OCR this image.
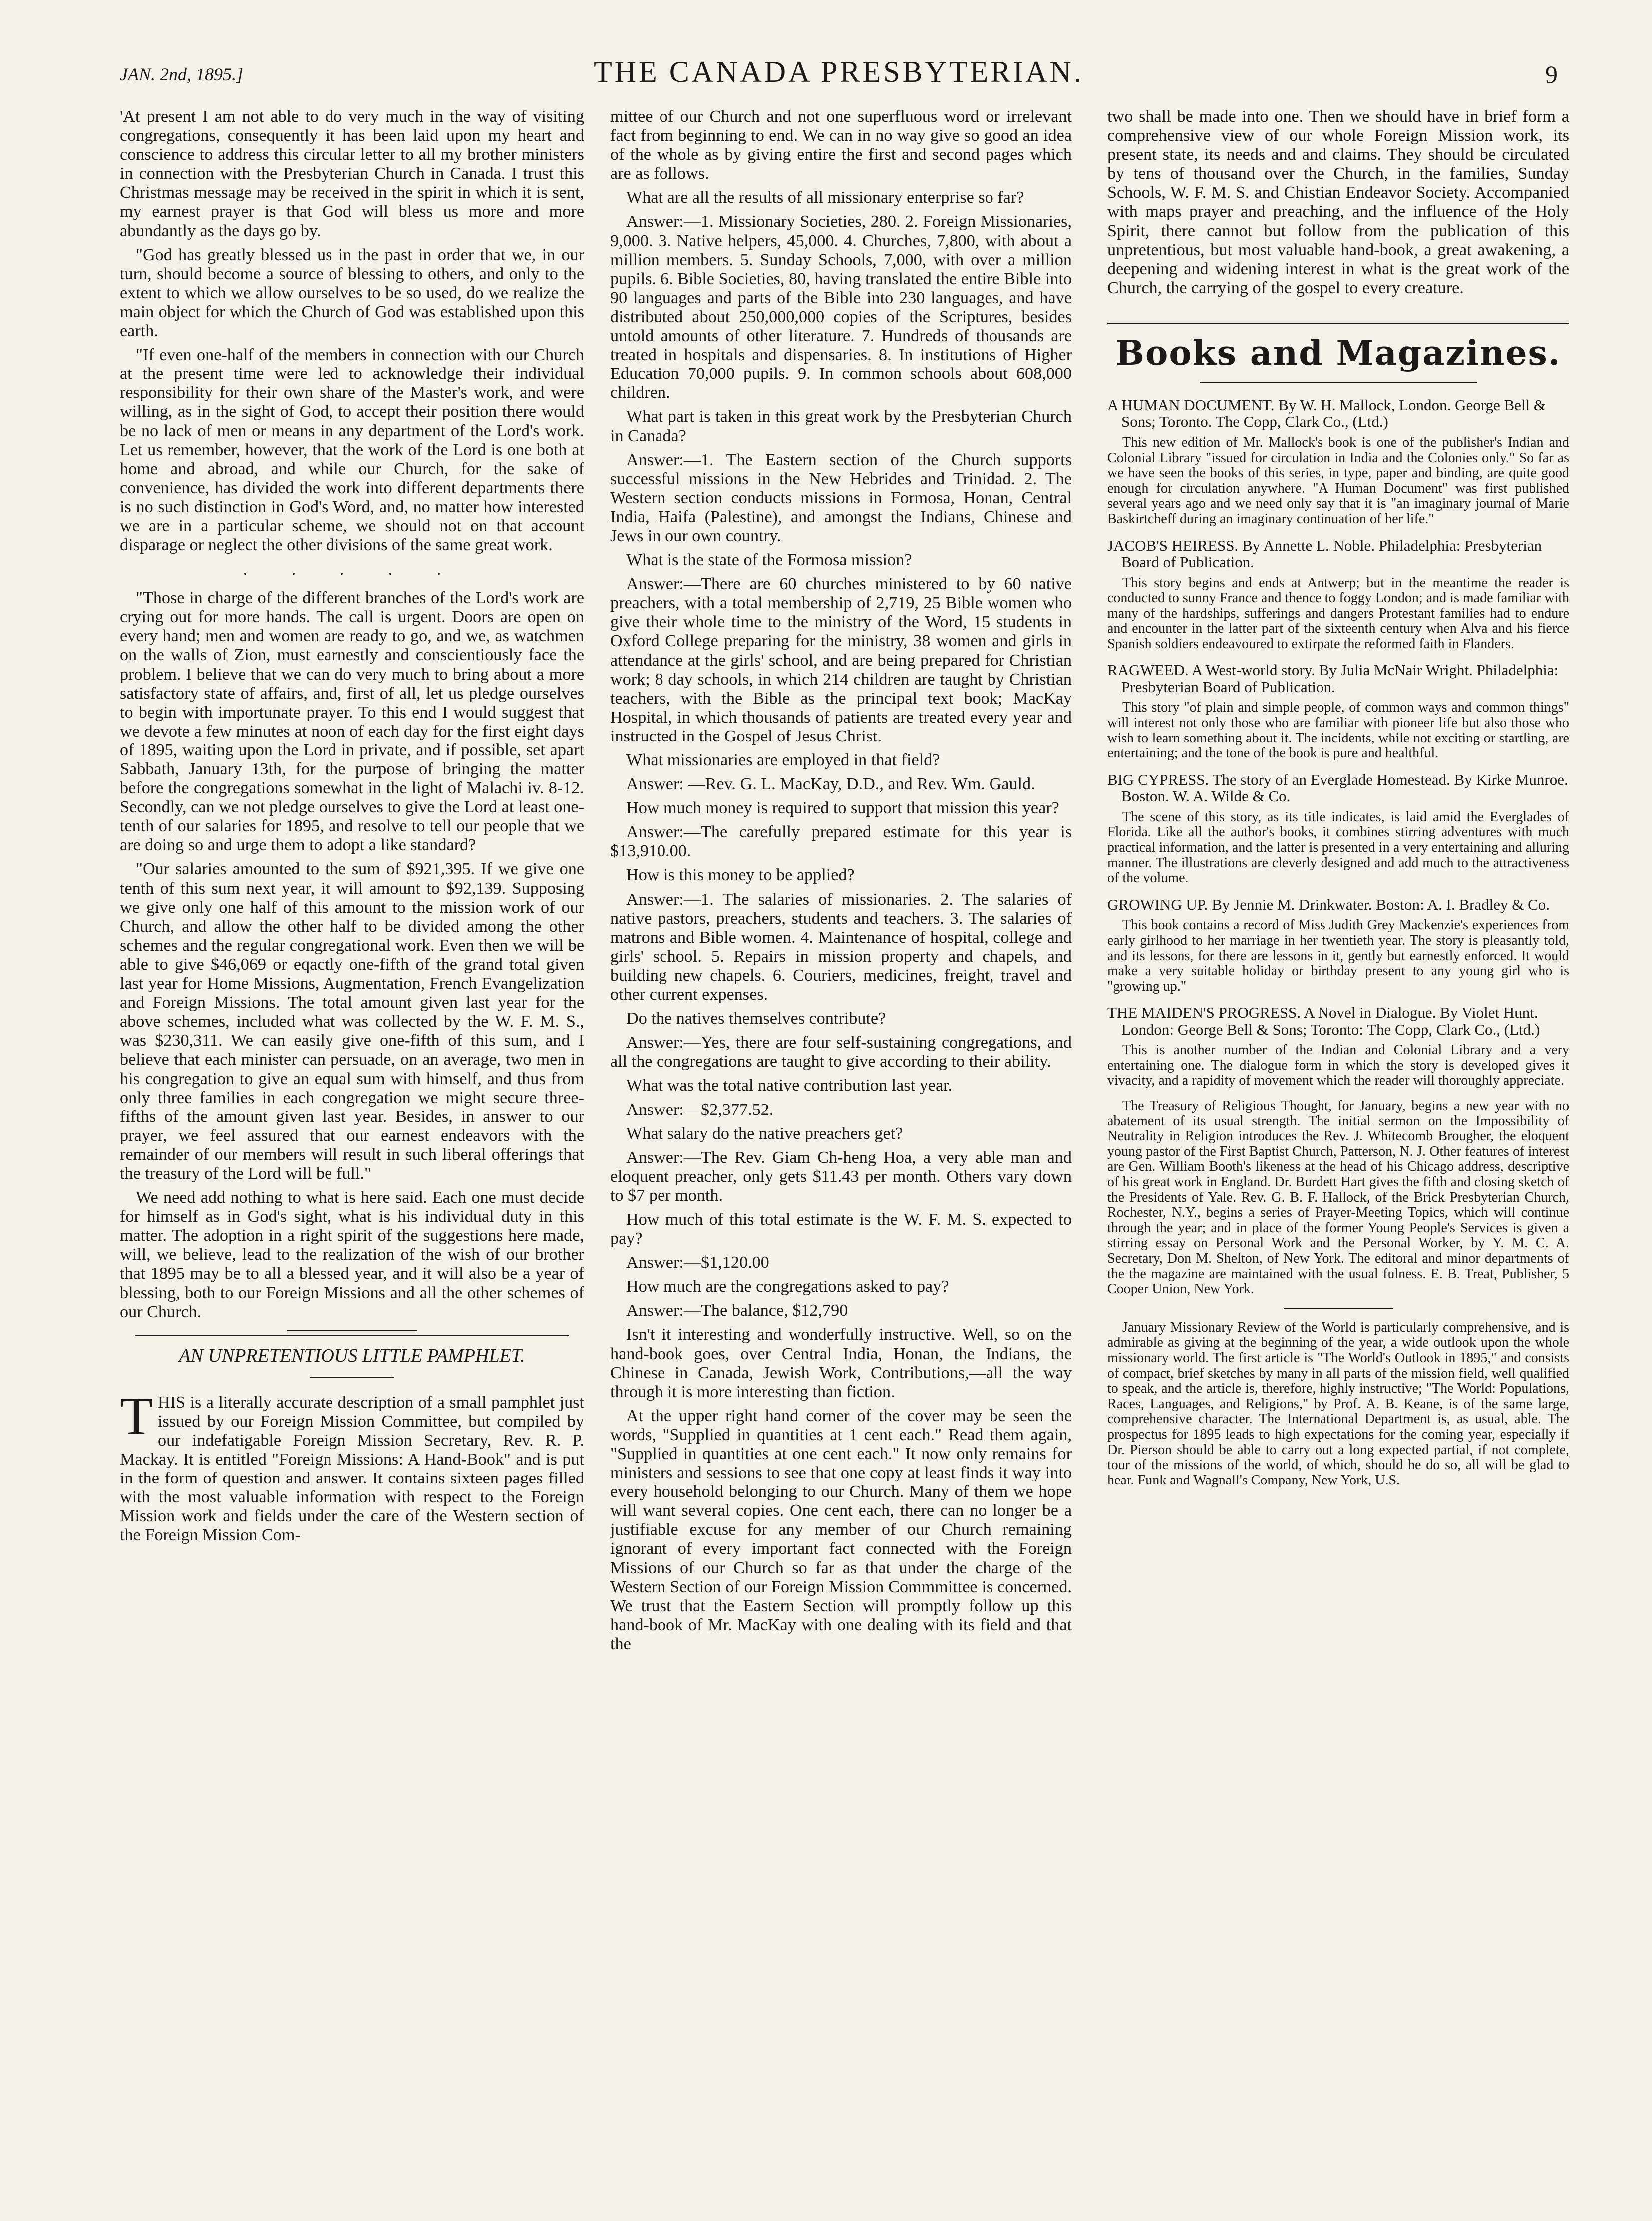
JAN. 2nd, 1895.]	THE CANADA PRESBYTERIAN.	9

'At present I am not able to do very much in the way of visiting congregations, consequently it has been laid upon my heart and conscience to address this circular letter to all my brother ministers in connection with the Presbyterian Church in Canada. I trust this Christmas message may be received in the spirit in which it is sent, my earnest prayer is that God will bless us more and more abundantly as the days go by.

"God has greatly blessed us in the past in order that we, in our turn, should become a source of blessing to others, and only to the extent to which we allow ourselves to be so used, do we realize the main object for which the Church of God was established upon this earth.

"If even one-half of the members in connection with our Church at the present time were led to acknowledge their individual responsibility for their own share of the Master's work, and were willing, as in the sight of God, to accept their position there would be no lack of men or means in any department of the Lord's work. Let us remember, however, that the work of the Lord is one both at home and abroad, and while our Church, for the sake of convenience, has divided the work into different departments there is no such distinction in God's Word, and, no matter how interested we are in a particular scheme, we should not on that account disparage or neglect the other divisions of the same great work.

. . . . .

"Those in charge of the different branches of the Lord's work are crying out for more hands. The call is urgent. Doors are open on every hand; men and women are ready to go, and we, as watchmen on the walls of Zion, must earnestly and conscientiously face the problem. I believe that we can do very much to bring about a more satisfactory state of affairs, and, first of all, let us pledge ourselves to begin with importunate prayer. To this end I would suggest that we devote a few minutes at noon of each day for the first eight days of 1895, waiting upon the Lord in private, and if possible, set apart Sabbath, January 13th, for the purpose of bringing the matter before the congregations somewhat in the light of Malachi iv. 8-12. Secondly, can we not pledge ourselves to give the Lord at least one-tenth of our salaries for 1895, and resolve to tell our people that we are doing so and urge them to adopt a like standard?

"Our salaries amounted to the sum of $921,395. If we give one tenth of this sum next year, it will amount to $92,139. Supposing we give only one half of this amount to the mission work of our Church, and allow the other half to be divided among the other schemes and the regular congregational work. Even then we will be able to give $46,069 or eqactly one-fifth of the grand total given last year for Home Missions, Augmentation, French Evangelization and Foreign Missions. The total amount given last year for the above schemes, included what was collected by the W. F. M. S., was $230,311. We can easily give one-fifth of this sum, and I believe that each minister can persuade, on an average, two men in his congregation to give an equal sum with himself, and thus from only three families in each congregation we might secure three-fifths of the amount given last year. Besides, in answer to our prayer, we feel assured that our earnest endeavors with the remainder of our members will result in such liberal offerings that the treasury of the Lord will be full."

We need add nothing to what is here said. Each one must decide for himself as in God's sight, what is his individual duty in this matter. The adoption in a right spirit of the suggestions here made, will, we believe, lead to the realization of the wish of our brother that 1895 may be to all a blessed year, and it will also be a year of blessing, both to our Foreign Missions and all the other schemes of our Church.

AN UNPRETENTIOUS LITTLE PAMPHLET.

THIS is a literally accurate description of a small pamphlet just issued by our Foreign Mission Committee, but compiled by our indefatigable Foreign Mission Secretary, Rev. R. P. Mackay. It is entitled "Foreign Missions: A Hand-Book" and is put in the form of question and answer. It contains sixteen pages filled with the most valuable information with respect to the Foreign Mission work and fields under the care of the Western section of the Foreign Mission Com-

mittee of our Church and not one superfluous word or irrelevant fact from beginning to end. We can in no way give so good an idea of the whole as by giving entire the first and second pages which are as follows.

What are all the results of all missionary enterprise so far?

Answer:—1. Missionary Societies, 280. 2. Foreign Missionaries, 9,000. 3. Native helpers, 45,000. 4. Churches, 7,800, with about a million members. 5. Sunday Schools, 7,000, with over a million pupils. 6. Bible Societies, 80, having translated the entire Bible into 90 languages and parts of the Bible into 230 languages, and have distributed about 250,000,000 copies of the Scriptures, besides untold amounts of other literature. 7. Hundreds of thousands are treated in hospitals and dispensaries. 8. In institutions of Higher Education 70,000 pupils. 9. In common schools about 608,000 children.

What part is taken in this great work by the Presbyterian Church in Canada?

Answer:—1. The Eastern section of the Church supports successful missions in the New Hebrides and Trinidad. 2. The Western section conducts missions in Formosa, Honan, Central India, Haifa (Palestine), and amongst the Indians, Chinese and Jews in our own country.

What is the state of the Formosa mission?

Answer:—There are 60 churches ministered to by 60 native preachers, with a total membership of 2,719, 25 Bible women who give their whole time to the ministry of the Word, 15 students in Oxford College preparing for the ministry, 38 women and girls in attendance at the girls' school, and are being prepared for Christian work; 8 day schools, in which 214 children are taught by Christian teachers, with the Bible as the principal text book; MacKay Hospital, in which thousands of patients are treated every year and instructed in the Gospel of Jesus Christ.

What missionaries are employed in that field?

Answer: —Rev. G. L. MacKay, D.D., and Rev. Wm. Gauld.

How much money is required to support that mission this year?

Answer:—The carefully prepared estimate for this year is $13,910.00.

How is this money to be applied?

Answer:—1. The salaries of missionaries. 2. The salaries of native pastors, preachers, students and teachers. 3. The salaries of matrons and Bible women. 4. Maintenance of hospital, college and girls' school. 5. Repairs in mission property and chapels, and building new chapels. 6. Couriers, medicines, freight, travel and other current expenses.

Do the natives themselves contribute?

Answer:—Yes, there are four self-sustaining congregations, and all the congregations are taught to give according to their ability.

What was the total native contribution last year.

Answer:—$2,377.52.

What salary do the native preachers get?

Answer:—The Rev. Giam Ch-heng Hoa, a very able man and eloquent preacher, only gets $11.43 per month. Others vary down to $7 per month.

How much of this total estimate is the W. F. M. S. expected to pay?

Answer:—$1,120.00

How much are the congregations asked to pay?

Answer:—The balance, $12,790

Isn't it interesting and wonderfully instructive. Well, so on the hand-book goes, over Central India, Honan, the Indians, the Chinese in Canada, Jewish Work, Contributions,—all the way through it is more interesting than fiction.

At the upper right hand corner of the cover may be seen the words, "Supplied in quantities at 1 cent each." Read them again, "Supplied in quantities at one cent each." It now only remains for ministers and sessions to see that one copy at least finds it way into every household belonging to our Church. Many of them we hope will want several copies. One cent each, there can no longer be a justifiable excuse for any member of our Church remaining ignorant of every important fact connected with the Foreign Missions of our Church so far as that under the charge of the Western Section of our Foreign Mission Commmittee is concerned. We trust that the Eastern Section will promptly follow up this hand-book of Mr. MacKay with one dealing with its field and that the

two shall be made into one. Then we should have in brief form a comprehensive view of our whole Foreign Mission work, its present state, its needs and and claims. They should be circulated by tens of thousand over the Church, in the families, Sunday Schools, W. F. M. S. and Chistian Endeavor Society. Accompanied with maps prayer and preaching, and the influence of the Holy Spirit, there cannot but follow from the publication of this unpretentious, but most valuable hand-book, a great awakening, a deepening and widening interest in what is the great work of the Church, the carrying of the gospel to every creature.

Books and Magazines.

A HUMAN DOCUMENT. By W. H. Mallock, London. George Bell & Sons; Toronto. The Copp, Clark Co., (Ltd.)

This new edition of Mr. Mallock's book is one of the publisher's Indian and Colonial Library "issued for circulation in India and the Colonies only." So far as we have seen the books of this series, in type, paper and binding, are quite good enough for circulation anywhere. "A Human Document" was first published several years ago and we need only say that it is "an imaginary journal of Marie Baskirtcheff during an imaginary continuation of her life."

JACOB'S HEIRESS. By Annette L. Noble. Philadelphia: Presbyterian Board of Publication.

This story begins and ends at Antwerp; but in the meantime the reader is conducted to sunny France and thence to foggy London; and is made familiar with many of the hardships, sufferings and dangers Protestant families had to endure and encounter in the latter part of the sixteenth century when Alva and his fierce Spanish soldiers endeavoured to extirpate the reformed faith in Flanders.

RAGWEED. A West-world story. By Julia McNair Wright. Philadelphia: Presbyterian Board of Publication.

This story "of plain and simple people, of common ways and common things" will interest not only those who are familiar with pioneer life but also those who wish to learn something about it. The incidents, while not exciting or startling, are entertaining; and the tone of the book is pure and healthful.

BIG CYPRESS. The story of an Everglade Homestead. By Kirke Munroe. Boston. W. A. Wilde & Co.

The scene of this story, as its title indicates, is laid amid the Everglades of Florida. Like all the author's books, it combines stirring adventures with much practical information, and the latter is presented in a very entertaining and alluring manner. The illustrations are cleverly designed and add much to the attractiveness of the volume.

GROWING UP. By Jennie M. Drinkwater. Boston: A. I. Bradley & Co.

This book contains a record of Miss Judith Grey Mackenzie's experiences from early girlhood to her marriage in her twentieth year. The story is pleasantly told, and its lessons, for there are lessons in it, gently but earnestly enforced. It would make a very suitable holiday or birthday present to any young girl who is "growing up."

THE MAIDEN'S PROGRESS. A Novel in Dialogue. By Violet Hunt. London: George Bell & Sons; Toronto: The Copp, Clark Co., (Ltd.)

This is another number of the Indian and Colonial Library and a very entertaining one. The dialogue form in which the story is developed gives it vivacity, and a rapidity of movement which the reader will thoroughly appreciate.

The Treasury of Religious Thought, for January, begins a new year with no abatement of its usual strength. The initial sermon on the Impossibility of Neutrality in Religion introduces the Rev. J. Whitecomb Brougher, the eloquent young pastor of the First Baptist Church, Patterson, N. J. Other features of interest are Gen. William Booth's likeness at the head of his Chicago address, descriptive of his great work in England. Dr. Burdett Hart gives the fifth and closing sketch of the Presidents of Yale. Rev. G. B. F. Hallock, of the Brick Presbyterian Church, Rochester, N.Y., begins a series of Prayer-Meeting Topics, which will continue through the year; and in place of the former Young People's Services is given a stirring essay on Personal Work and the Personal Worker, by Y. M. C. A. Secretary, Don M. Shelton, of New York. The editoral and minor departments of the the magazine are maintained with the usual fulness. E. B. Treat, Publisher, 5 Cooper Union, New York.

January Missionary Review of the World is particularly comprehensive, and is admirable as giving at the beginning of the year, a wide outlook upon the whole missionary world. The first article is "The World's Outlook in 1895," and consists of compact, brief sketches by many in all parts of the mission field, well qualified to speak, and the article is, therefore, highly instructive; "The World: Populations, Races, Languages, and Religions," by Prof. A. B. Keane, is of the same large, comprehensive character. The International Department is, as usual, able. The prospectus for 1895 leads to high expectations for the coming year, especially if Dr. Pierson should be able to carry out a long expected partial, if not complete, tour of the missions of the world, of which, should he do so, all will be glad to hear. Funk and Wagnall's Company, New York, U.S.
